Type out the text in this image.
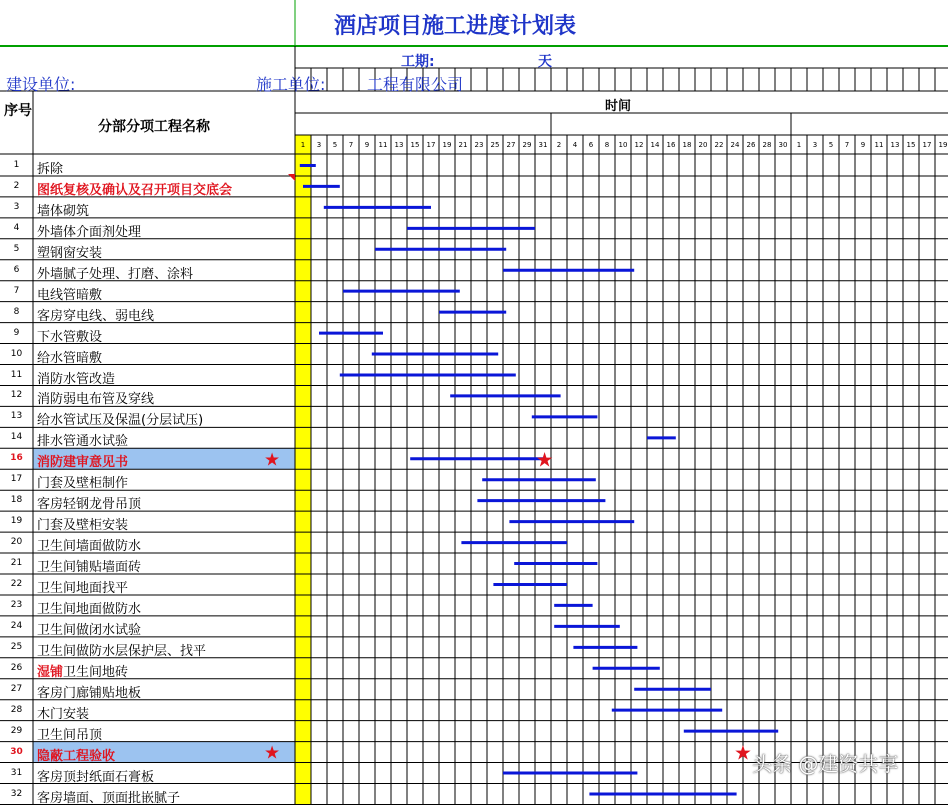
★	★
★	★
酒店项目施工进度计划表
工期:	天
建设单位:	施工单位:	工程有限公司
序号
分部分项工程名称
时间
1	3	5	7	9	11	13	15	17	19	21	23	25	27	29	31	2	4	6	8	10	12	14	16	18	20	22	24	26	28	30	1	3	5	7	9	11	13	15	17	19
1	拆除
2	图纸复核及确认及召开项目交底会
3	墙体砌筑
4	外墙体介面剂处理
5	塑钢窗安装
6	外墙腻子处理、打磨、涂料
7	电线管暗敷
8	客房穿电线、弱电线
9	下水管敷设
10	给水管暗敷
11	消防水管改造
12	消防弱电布管及穿线
13	给水管试压及保温(分层试压)
14	排水管通水试验
16	消防建审意见书
17	门套及壁柜制作
18	客房轻钢龙骨吊顶
19	门套及壁柜安装
20	卫生间墙面做防水
21	卫生间铺贴墙面砖
22	卫生间地面找平
23	卫生间地面做防水
24	卫生间做闭水试验
25	卫生间做防水层保护层、找平
26	湿铺卫生间地砖
27	客房门廊铺贴地板
28	木门安装
29	卫生间吊顶
30	隐蔽工程验收
31	客房顶封纸面石膏板
32	客房墙面、顶面批嵌腻子
头条 @建资共享
